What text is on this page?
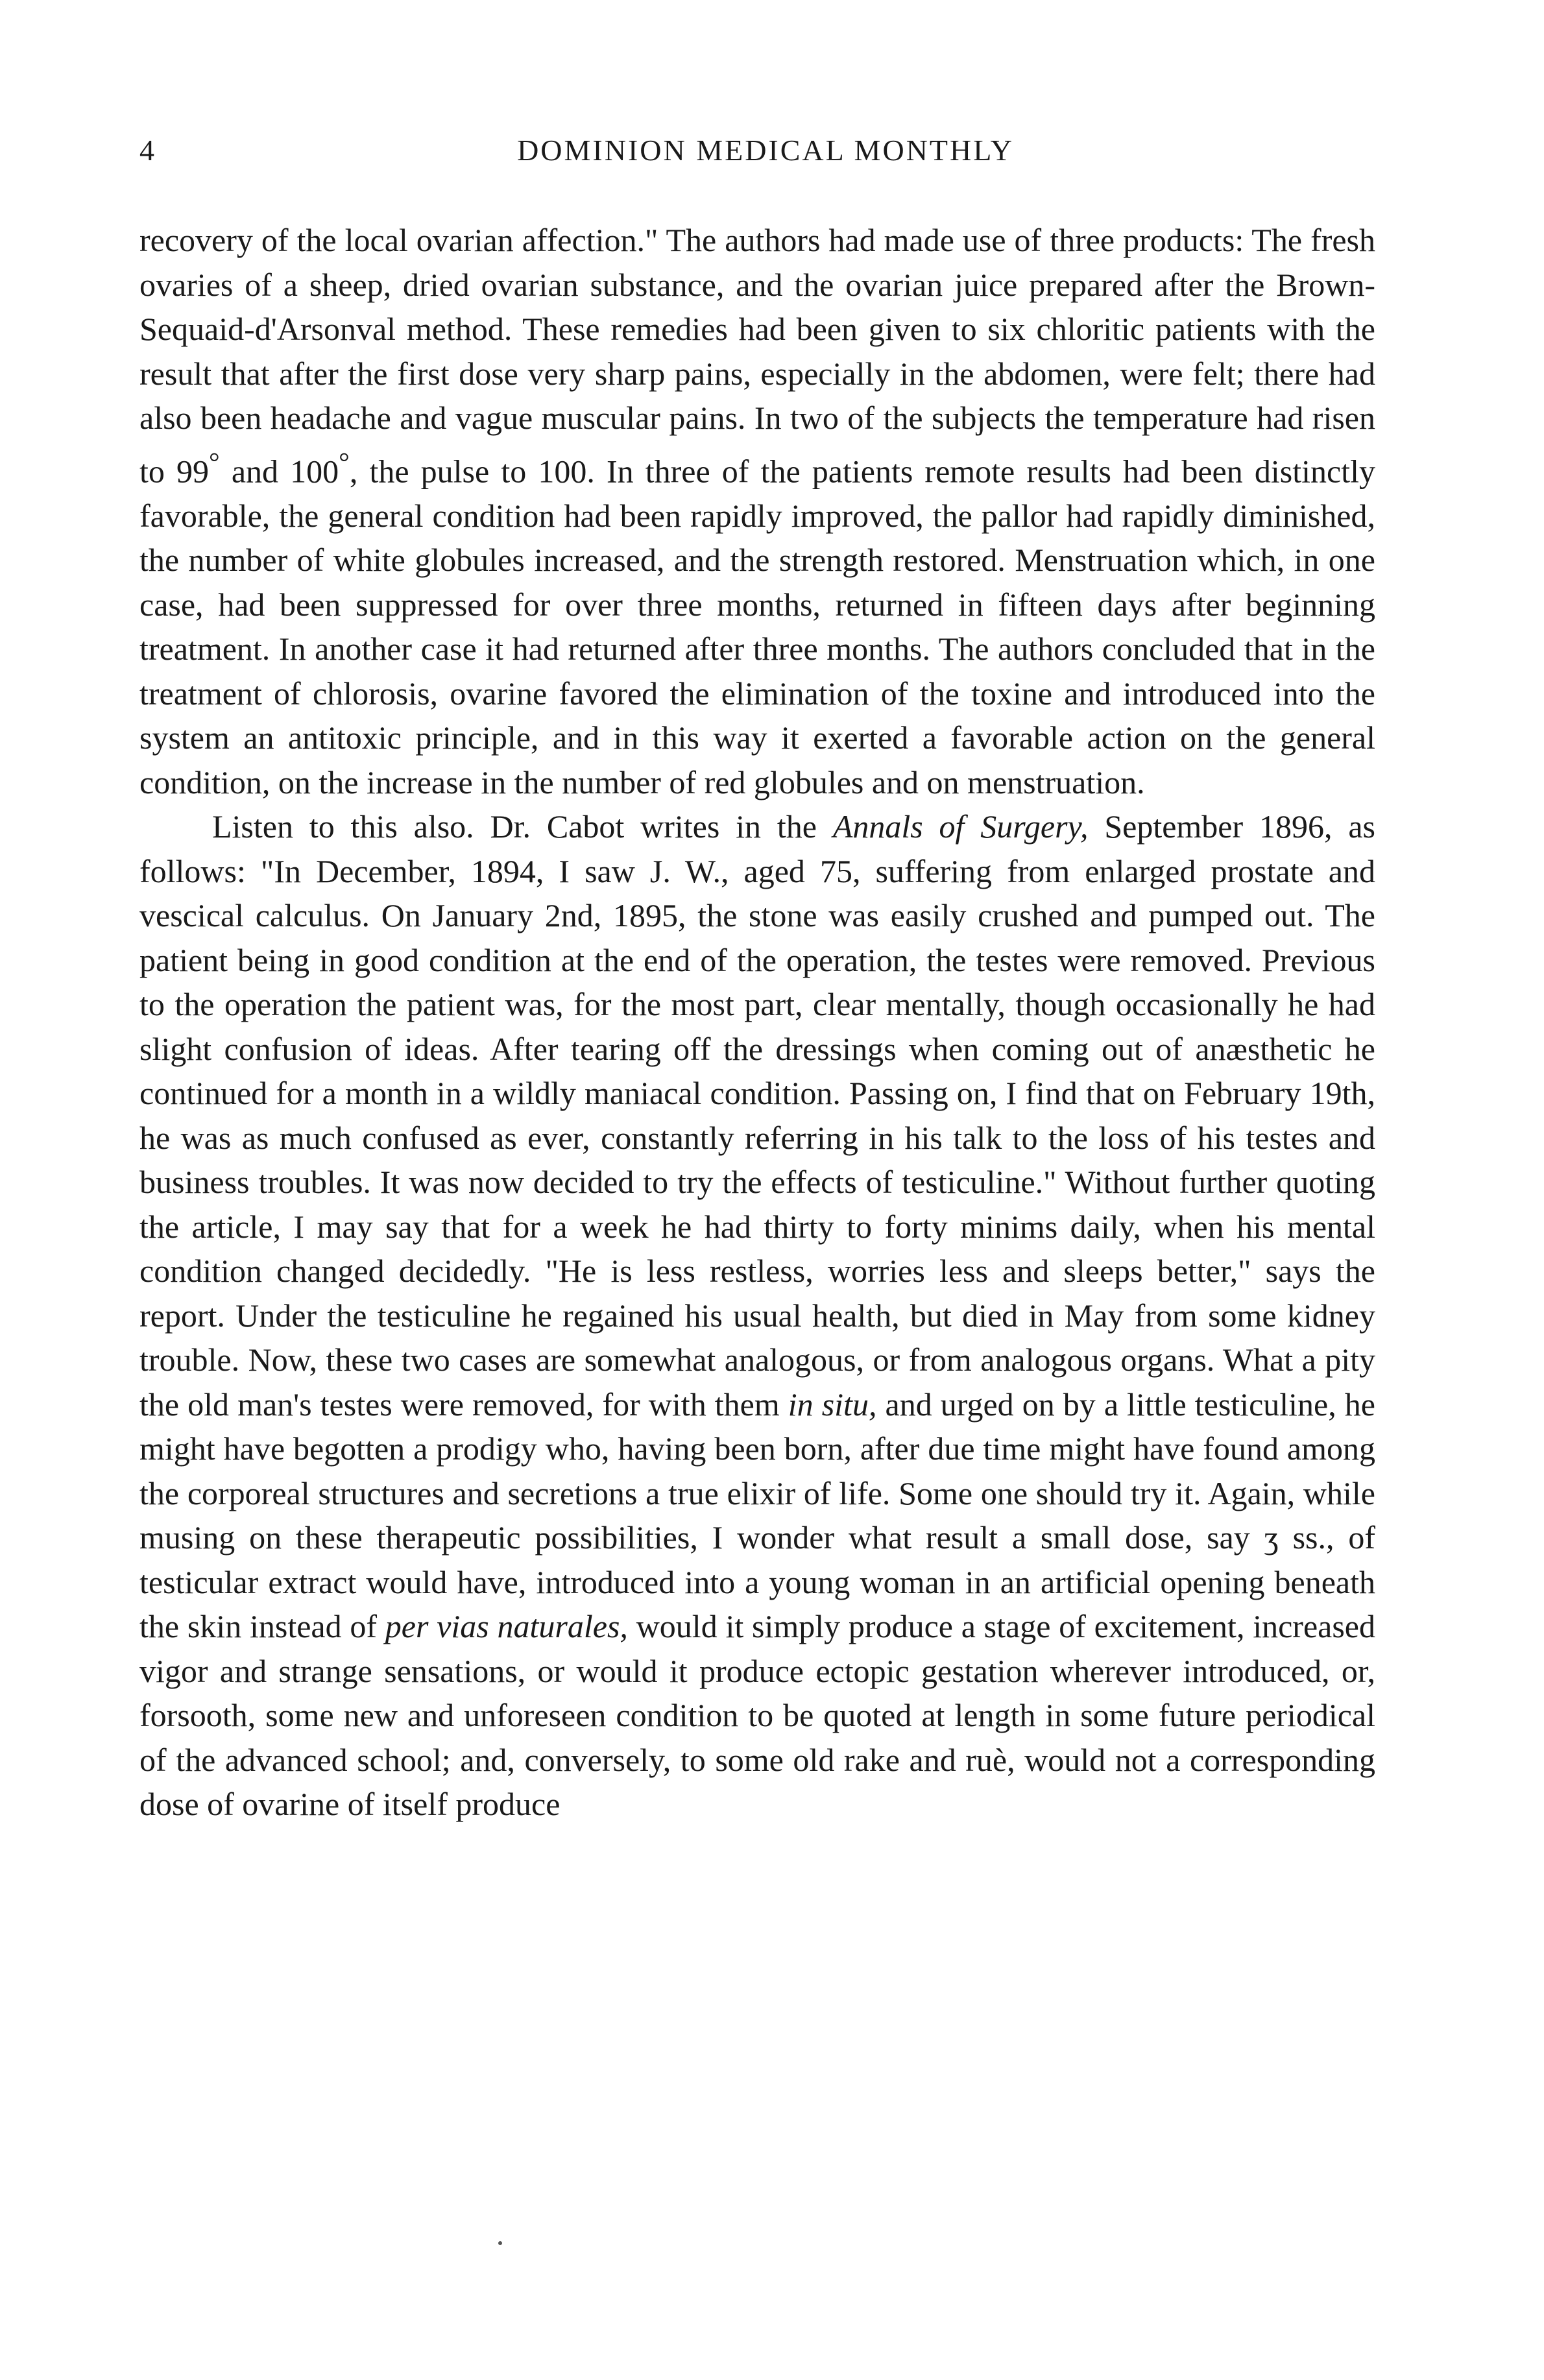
4	DOMINION MEDICAL MONTHLY

recovery of the local ovarian affection." The authors had made use of three products: The fresh ovaries of a sheep, dried ovarian substance, and the ovarian juice prepared after the Brown-Sequaid-d'Arsonval method. These remedies had been given to six chloritic patients with the result that after the first dose very sharp pains, especially in the abdomen, were felt; there had also been headache and vague muscular pains. In two of the subjects the temperature had risen to 99° and 100°, the pulse to 100. In three of the patients remote results had been distinctly favorable, the general condition had been rapidly improved, the pallor had rapidly diminished, the number of white globules increased, and the strength restored. Menstruation which, in one case, had been suppressed for over three months, returned in fifteen days after beginning treatment. In another case it had returned after three months. The authors concluded that in the treatment of chlorosis, ovarine favored the elimination of the toxine and introduced into the system an antitoxic principle, and in this way it exerted a favorable action on the general condition, on the increase in the number of red globules and on menstruation.

Listen to this also. Dr. Cabot writes in the Annals of Surgery, September 1896, as follows: "In December, 1894, I saw J. W., aged 75, suffering from enlarged prostate and vescical calculus. On January 2nd, 1895, the stone was easily crushed and pumped out. The patient being in good condition at the end of the operation, the testes were removed. Previous to the operation the patient was, for the most part, clear mentally, though occasionally he had slight confusion of ideas. After tearing off the dressings when coming out of anæsthetic he continued for a month in a wildly maniacal condition. Passing on, I find that on February 19th, he was as much confused as ever, constantly referring in his talk to the loss of his testes and business troubles. It was now decided to try the effects of testiculine." Without further quoting the article, I may say that for a week he had thirty to forty minims daily, when his mental condition changed decidedly. "He is less restless, worries less and sleeps better," says the report. Under the testiculine he regained his usual health, but died in May from some kidney trouble. Now, these two cases are somewhat analogous, or from analogous organs. What a pity the old man's testes were removed, for with them in situ, and urged on by a little testiculine, he might have begotten a prodigy who, having been born, after due time might have found among the corporeal structures and secretions a true elixir of life. Some one should try it. Again, while musing on these therapeutic possibilities, I wonder what result a small dose, say ʒ ss., of testicular extract would have, introduced into a young woman in an artificial opening beneath the skin instead of per vias naturales, would it simply produce a stage of excitement, increased vigor and strange sensations, or would it produce ectopic gestation wherever introduced, or, forsooth, some new and unforeseen condition to be quoted at length in some future periodical of the advanced school; and, conversely, to some old rake and ruè, would not a corresponding dose of ovarine of itself produce
